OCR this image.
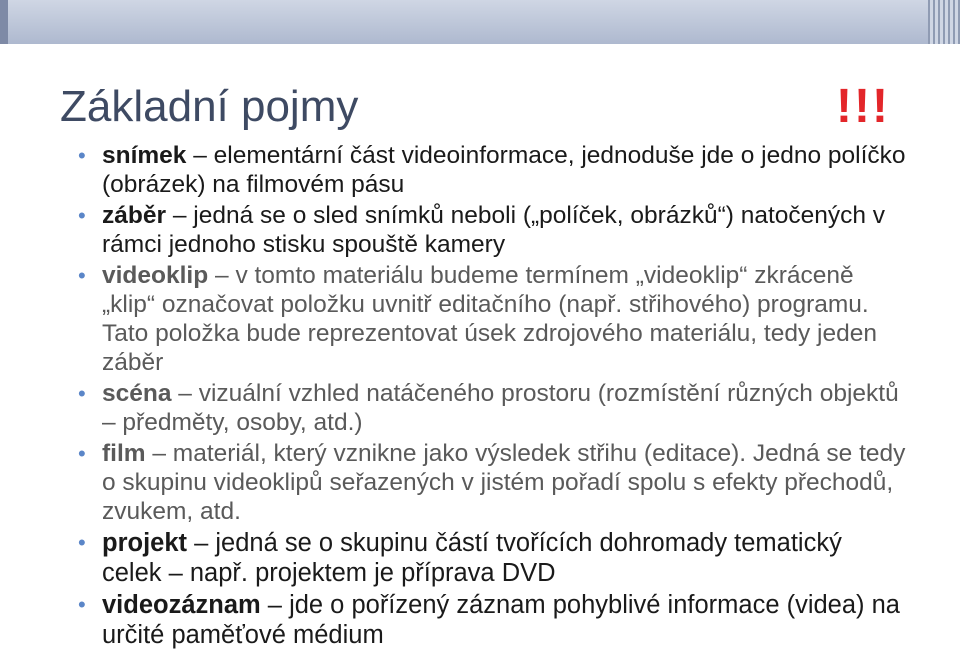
Základní pojmy	!!!
• snímek – elementární část videoinformace, jednoduše jde o jedno políčko (obrázek) na filmovém pásu
• záběr – jedná se o sled snímků neboli („políček, obrázků“) natočených v rámci jednoho stisku spouště kamery
• videoklip – v tomto materiálu budeme termínem „videoklip“ zkráceně „klip“ označovat položku uvnitř editačního (např. střihového) programu. Tato položka bude reprezentovat úsek zdrojového materiálu, tedy jeden záběr
• scéna – vizuální vzhled natáčeného prostoru (rozmístění různých objektů – předměty, osoby, atd.)
• film – materiál, který vznikne jako výsledek střihu (editace). Jedná se tedy o skupinu videoklipů seřazených v jistém pořadí spolu s efekty přechodů, zvukem, atd.
• projekt – jedná se o skupinu částí tvořících dohromady tematický celek – např. projektem je příprava DVD
• videozáznam – jde o pořízený záznam pohyblivé informace (videa) na určité paměťové médium
